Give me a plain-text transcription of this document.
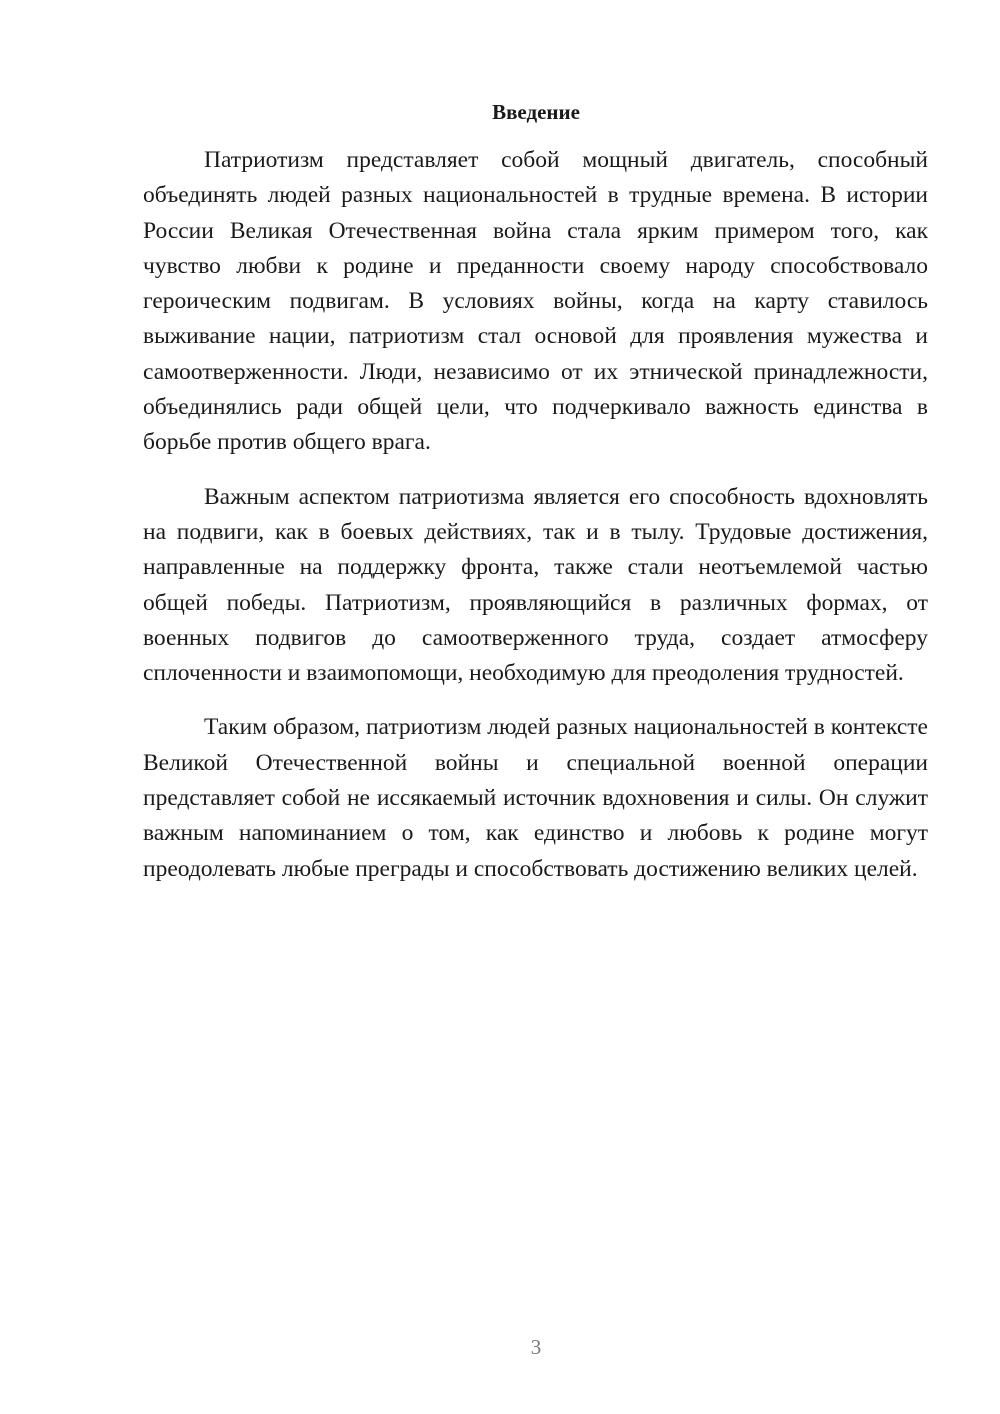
Введение

Патриотизм представляет собой мощный двигатель, способный объединять людей разных национальностей в трудные времена. В истории России Великая Отечественная война стала ярким примером того, как чувство любви к родине и преданности своему народу способствовало героическим подвигам. В условиях войны, когда на карту ставилось выживание нации, патриотизм стал основой для проявления мужества и самоотверженности. Люди, независимо от их этнической принадлежности, объединялись ради общей цели, что подчеркивало важность единства в борьбе против общего врага.

Важным аспектом патриотизма является его способность вдохновлять на подвиги, как в боевых действиях, так и в тылу. Трудовые достижения, направленные на поддержку фронта, также стали неотъемлемой частью общей победы. Патриотизм, проявляющийся в различных формах, от военных подвигов до самоотверженного труда, создает атмосферу сплоченности и взаимопомощи, необходимую для преодоления трудностей.

Таким образом, патриотизм людей разных национальностей в контексте Великой Отечественной войны и специальной военной операции представляет собой не иссякаемый источник вдохновения и силы. Он служит важным напоминанием о том, как единство и любовь к родине могут преодолевать любые преграды и способствовать достижению великих целей.

3
